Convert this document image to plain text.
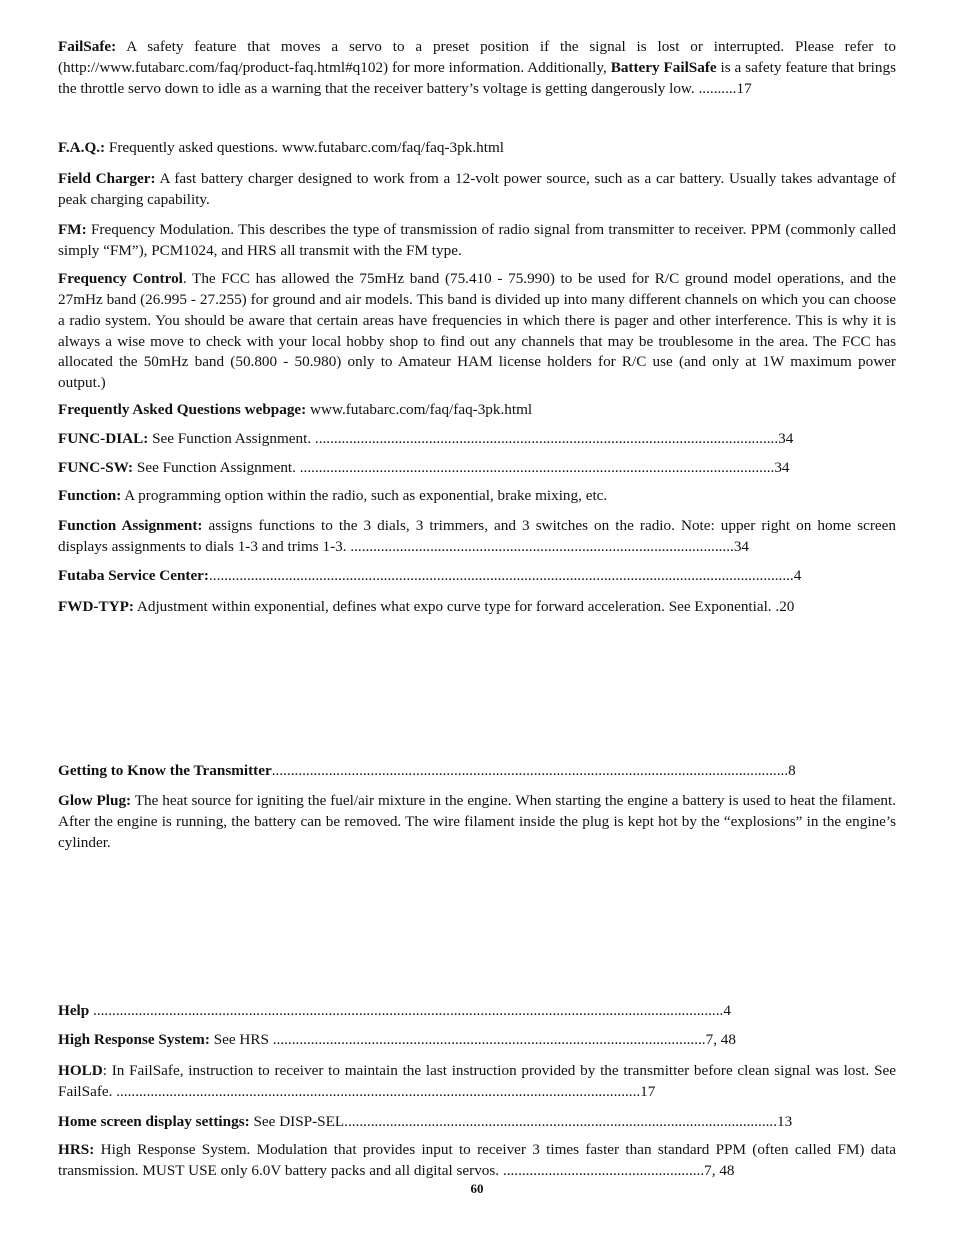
FailSafe: A safety feature that moves a servo to a preset position if the signal is lost or interrupted. Please refer to (http://www.futabarc.com/faq/product-faq.html#q102) for more information. Additionally, Battery FailSafe is a safety feature that brings the throttle servo down to idle as a warning that the receiver battery’s voltage is getting dangerously low. ..........17

F.A.Q.: Frequently asked questions. www.futabarc.com/faq/faq-3pk.html

Field Charger: A fast battery charger designed to work from a 12-volt power source, such as a car battery. Usually takes advantage of peak charging capability.

FM: Frequency Modulation. This describes the type of transmission of radio signal from transmitter to receiver. PPM (commonly called simply “FM”), PCM1024, and HRS all transmit with the FM type.

Frequency Control. The FCC has allowed the 75mHz band (75.410 - 75.990) to be used for R/C ground model operations, and the 27mHz band (26.995 - 27.255) for ground and air models. This band is divided up into many different channels on which you can choose a radio system. You should be aware that certain areas have frequencies in which there is pager and other interference. This is why it is always a wise move to check with your local hobby shop to find out any channels that may be troublesome in the area. The FCC has allocated the 50mHz band (50.800 - 50.980) only to Amateur HAM license holders for R/C use (and only at 1W maximum power output.)

Frequently Asked Questions webpage: www.futabarc.com/faq/faq-3pk.html

FUNC-DIAL: See Function Assignment. ..........................................................................................................................34

FUNC-SW: See Function Assignment. .............................................................................................................................34

Function: A programming option within the radio, such as exponential, brake mixing, etc.

Function Assignment: assigns functions to the 3 dials, 3 trimmers, and 3 switches on the radio. Note: upper right on home screen displays assignments to dials 1-3 and trims 1-3. .....................................................................................................34

Futaba Service Center:..........................................................................................................................................................4

FWD-TYP: Adjustment within exponential, defines what expo curve type for forward acceleration. See Exponential. .20

Getting to Know the Transmitter........................................................................................................................................8

Glow Plug: The heat source for igniting the fuel/air mixture in the engine. When starting the engine a battery is used to heat the filament. After the engine is running, the battery can be removed. The wire filament inside the plug is kept hot by the “explosions” in the engine’s cylinder.

Help ......................................................................................................................................................................4

High Response System: See HRS ..................................................................................................................7, 48

HOLD: In FailSafe, instruction to receiver to maintain the last instruction provided by the transmitter before clean signal was lost. See FailSafe. ..........................................................................................................................................17

Home screen display settings: See DISP-SEL..................................................................................................................13

HRS: High Response System. Modulation that provides input to receiver 3 times faster than standard PPM (often called FM) data transmission. MUST USE only 6.0V battery packs and all digital servos. .....................................................7, 48

60
